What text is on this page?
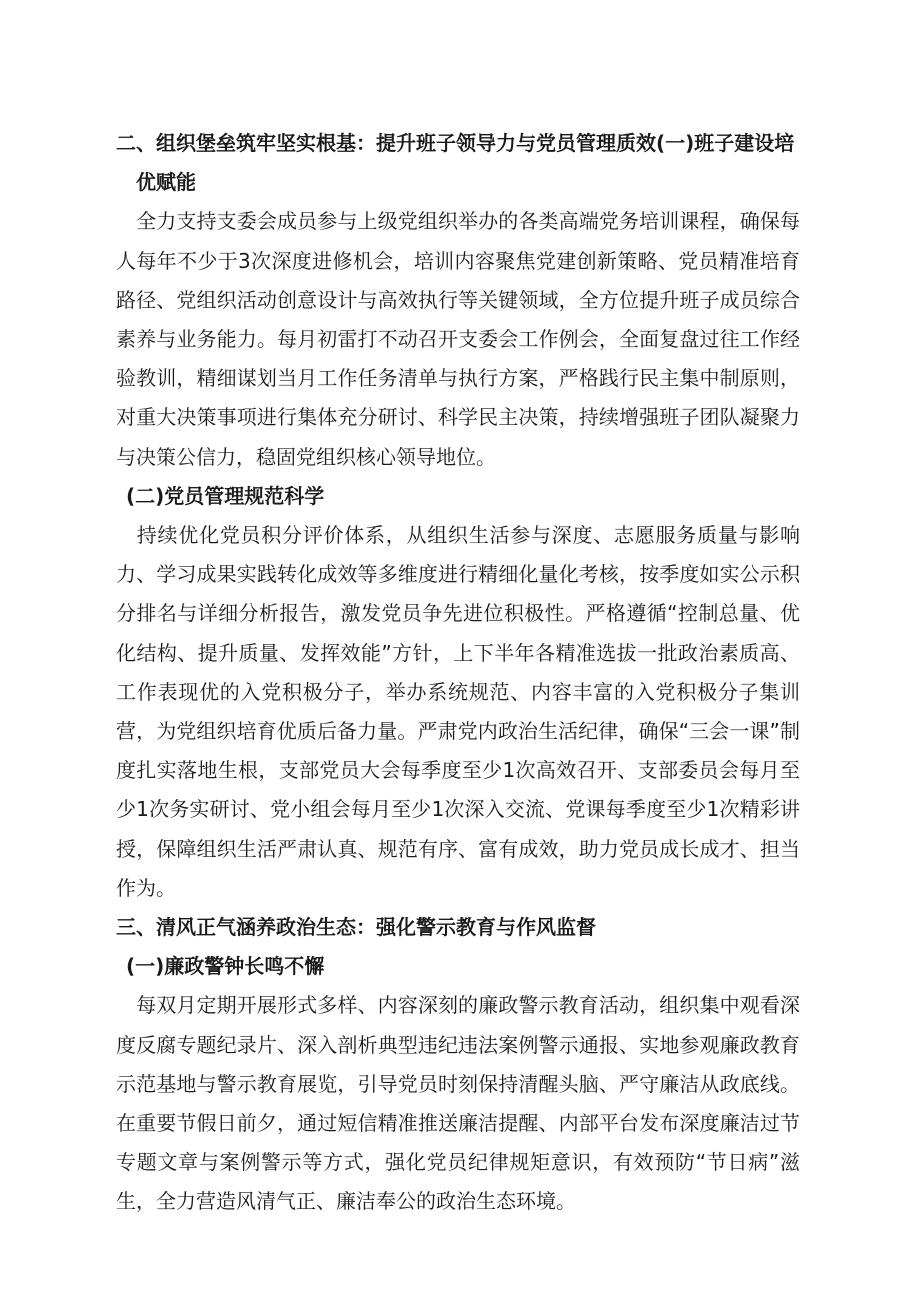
二、组织堡垒筑牢坚实根基：提升班子领导力与党员管理质效(一)班子建设培
优赋能

全力支持支委会成员参与上级党组织举办的各类高端党务培训课程，确保每人每年不少于3次深度进修机会，培训内容聚焦党建创新策略、党员精准培育路径、党组织活动创意设计与高效执行等关键领域，全方位提升班子成员综合素养与业务能力。每月初雷打不动召开支委会工作例会，全面复盘过往工作经验教训，精细谋划当月工作任务清单与执行方案，严格践行民主集中制原则，对重大决策事项进行集体充分研讨、科学民主决策，持续增强班子团队凝聚力与决策公信力，稳固党组织核心领导地位。

(二)党员管理规范科学

持续优化党员积分评价体系，从组织生活参与深度、志愿服务质量与影响力、学习成果实践转化成效等多维度进行精细化量化考核，按季度如实公示积分排名与详细分析报告，激发党员争先进位积极性。严格遵循“控制总量、优化结构、提升质量、发挥效能”方针，上下半年各精准选拔一批政治素质高、工作表现优的入党积极分子，举办系统规范、内容丰富的入党积极分子集训营，为党组织培育优质后备力量。严肃党内政治生活纪律，确保“三会一课”制度扎实落地生根，支部党员大会每季度至少1次高效召开、支部委员会每月至少1次务实研讨、党小组会每月至少1次深入交流、党课每季度至少1次精彩讲授，保障组织生活严肃认真、规范有序、富有成效，助力党员成长成才、担当作为。

三、清风正气涵养政治生态：强化警示教育与作风监督

(一)廉政警钟长鸣不懈

每双月定期开展形式多样、内容深刻的廉政警示教育活动，组织集中观看深度反腐专题纪录片、深入剖析典型违纪违法案例警示通报、实地参观廉政教育示范基地与警示教育展览，引导党员时刻保持清醒头脑、严守廉洁从政底线。在重要节假日前夕，通过短信精准推送廉洁提醒、内部平台发布深度廉洁过节专题文章与案例警示等方式，强化党员纪律规矩意识，有效预防“节日病”滋生，全力营造风清气正、廉洁奉公的政治生态环境。
